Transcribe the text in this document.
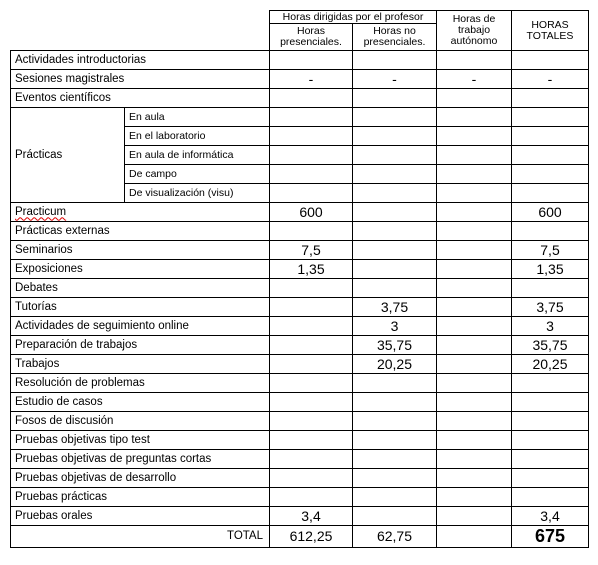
		Horas dirigidas por el profesor		Horas de trabajo autónomo	HORAS TOTALES
		Horas presenciales.	Horas no presenciales.		
Actividades introductorias					
Sesiones magistrales		-	-	-	-
Eventos científicos					
Prácticas	En aula				
	En el laboratorio				
	En aula de informática				
	De campo				
	De visualización (visu)				
Practicum		600			600
Prácticas externas					
Seminarios		7,5			7,5
Exposiciones		1,35			1,35
Debates					
Tutorías			3,75		3,75
Actividades de seguimiento online			3		3
Preparación de trabajos			35,75		35,75
Trabajos			20,25		20,25
Resolución de problemas					
Estudio de casos					
Fosos de discusión					
Pruebas objetivas tipo test					
Pruebas objetivas de preguntas cortas					
Pruebas objetivas de desarrollo					
Pruebas prácticas					
Pruebas orales		3,4			3,4
TOTAL		612,25	62,75		675
